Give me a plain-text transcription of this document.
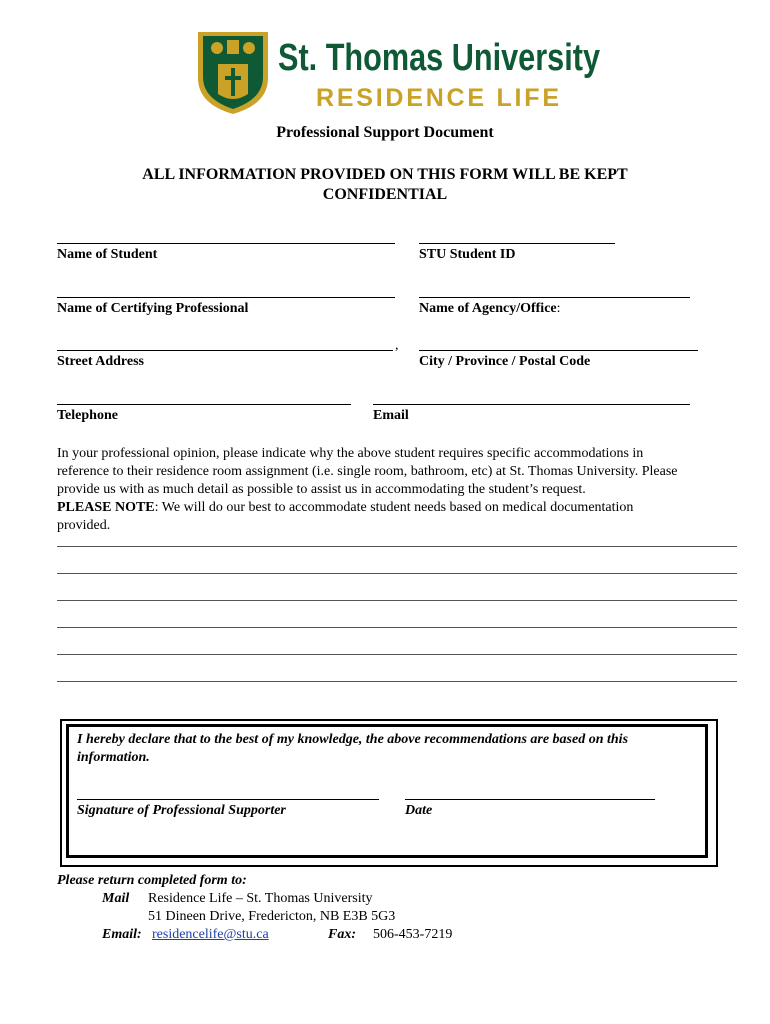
St. Thomas University
RESIDENCE LIFE
Professional Support Document
ALL INFORMATION PROVIDED ON THIS FORM WILL BE KEPT
CONFIDENTIAL
Name of Student	STU Student ID
Name of Certifying Professional	Name of Agency/Office:
,
Street Address	City / Province / Postal Code
Telephone	Email
In your professional opinion, please indicate why the above student requires specific accommodations in
reference to their residence room assignment (i.e. single room, bathroom, etc) at St. Thomas University. Please
provide us with as much detail as possible to assist us in accommodating the student’s request.
PLEASE NOTE: We will do our best to accommodate student needs based on medical documentation
provided.
I hereby declare that to the best of my knowledge, the above recommendations are based on this
information.
Signature of Professional Supporter	Date
Please return completed form to:
Mail Residence Life – St. Thomas University
51 Dineen Drive, Fredericton, NB E3B 5G3
Email: residencelife@stu.ca	Fax: 506-453-7219
